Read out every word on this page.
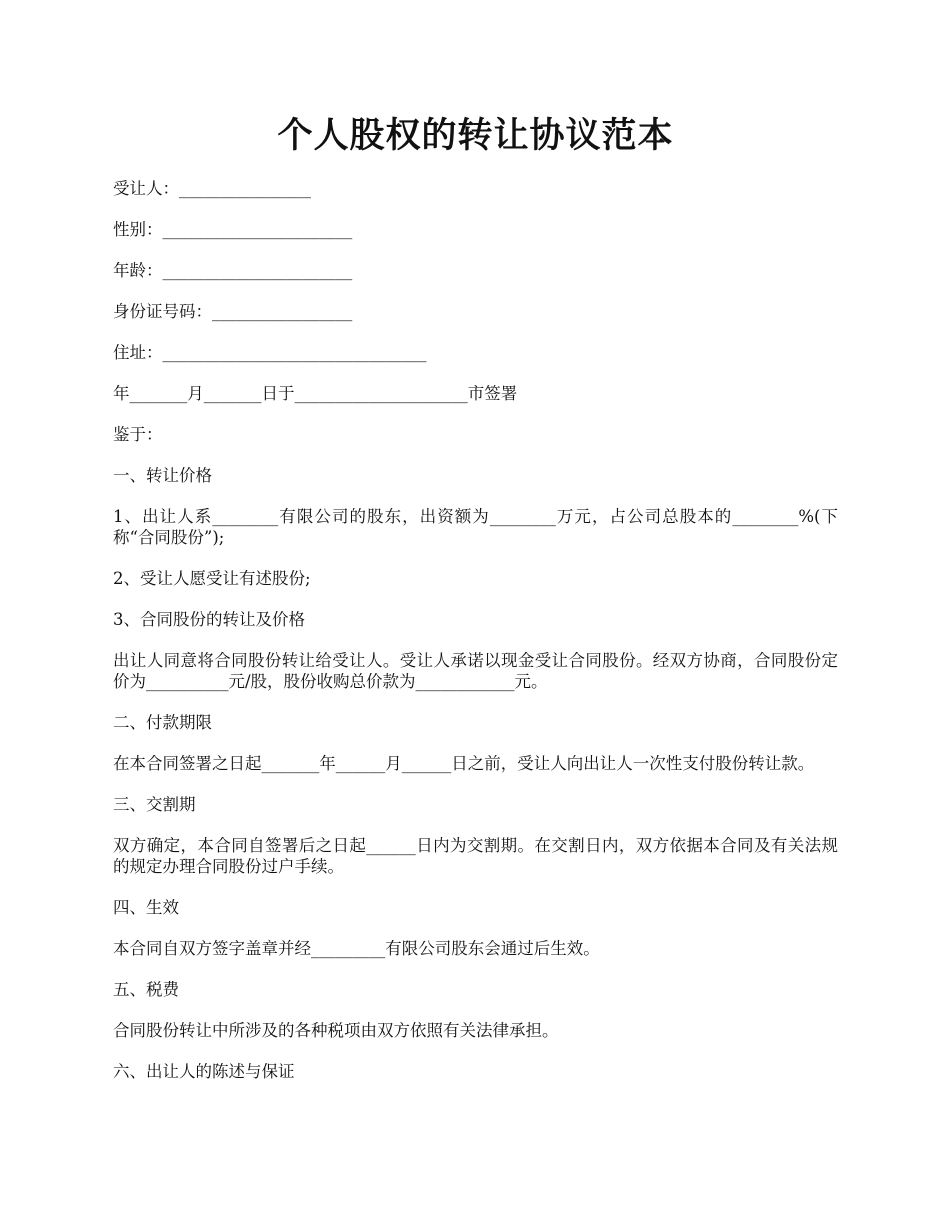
个人股权的转让协议范本

受让人：________________

性别：_______________________

年龄：_______________________

身份证号码：_________________

住址：________________________________

年_______月_______日于_____________________市签署

鉴于：

一、转让价格

1、出让人系________有限公司的股东，出资额为________万元，占公司总股本的________%(下称“合同股份”);

2、受让人愿受让有述股份;

3、合同股份的转让及价格

出让人同意将合同股份转让给受让人。受让人承诺以现金受让合同股份。经双方协商，合同股份定价为__________元/股，股份收购总价款为____________元。

二、付款期限

在本合同签署之日起_______年______月______日之前，受让人向出让人一次性支付股份转让款。

三、交割期

双方确定，本合同自签署后之日起______日内为交割期。在交割日内，双方依据本合同及有关法规的规定办理合同股份过户手续。

四、生效

本合同自双方签字盖章并经_________有限公司股东会通过后生效。

五、税费

合同股份转让中所涉及的各种税项由双方依照有关法律承担。

六、出让人的陈述与保证
